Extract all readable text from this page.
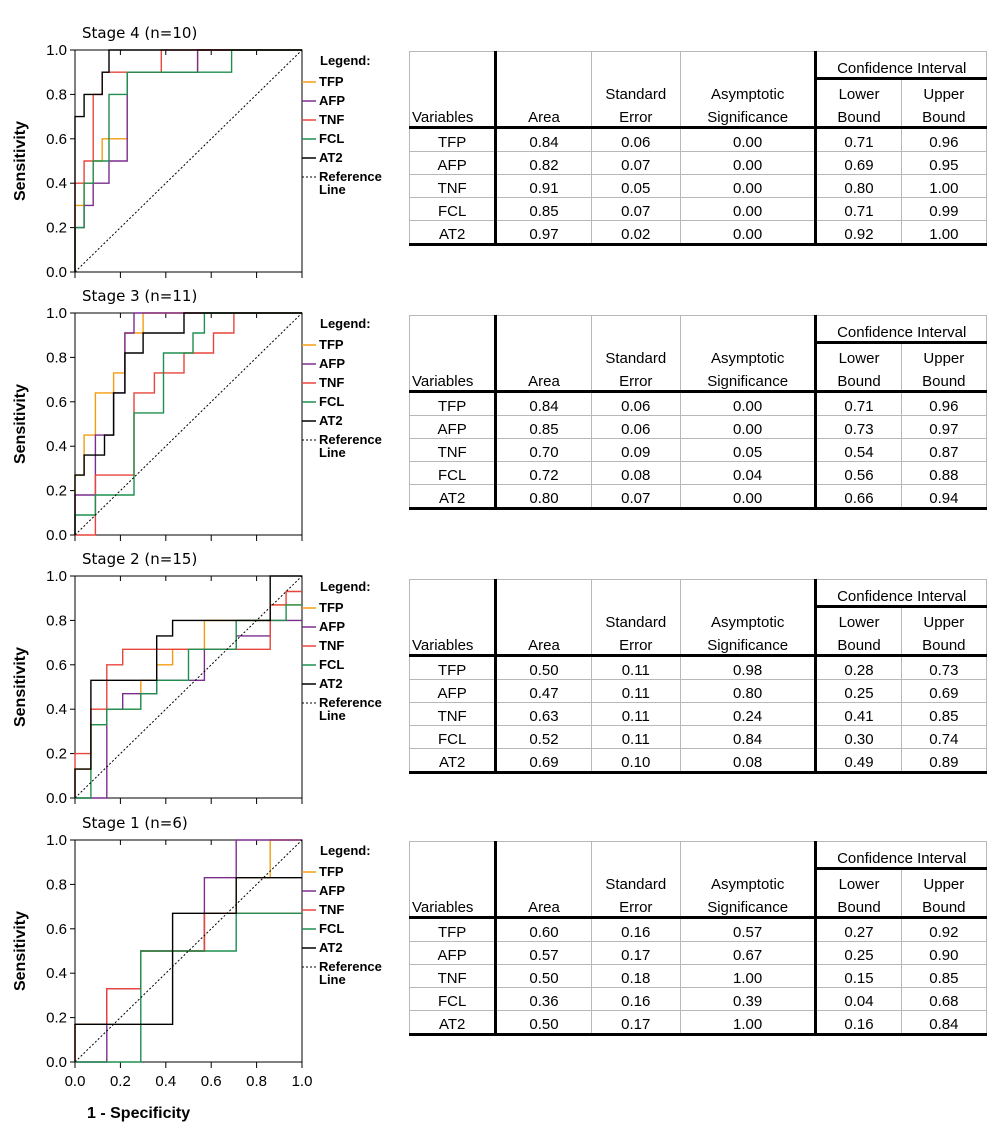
Stage 4 (n=10)
0.0
0.2
0.4
0.6
0.8
1.0
Sensitivity
Legend:
TFP
AFP
TNF
FCL
AT2
Reference
Line
Stage 3 (n=11)
0.0
0.2
0.4
0.6
0.8
1.0
Sensitivity
Legend:
TFP
AFP
TNF
FCL
AT2
Reference
Line
Stage 2 (n=15)
0.0
0.2
0.4
0.6
0.8
1.0
Sensitivity
Legend:
TFP
AFP
TNF
FCL
AT2
Reference
Line
Stage 1 (n=6)
0.0
0.2
0.4
0.6
0.8
1.0
0.0 0.2 0.4 0.6 0.8 1.0
1 - Specificity
Sensitivity
Legend:
TFP
AFP
TNF
FCL
AT2
Reference
Line
				Confidence Interval	
		Standard	Asymptotic	Lower	Upper
Variables	Area	Error	Significance	Bound	Bound
TFP	0.84	0.06	0.00	0.71	0.96
AFP	0.82	0.07	0.00	0.69	0.95
TNF	0.91	0.05	0.00	0.80	1.00
FCL	0.85	0.07	0.00	0.71	0.99
AT2	0.97	0.02	0.00	0.92	1.00
				Confidence Interval	
		Standard	Asymptotic	Lower	Upper
Variables	Area	Error	Significance	Bound	Bound
TFP	0.84	0.06	0.00	0.71	0.96
AFP	0.85	0.06	0.00	0.73	0.97
TNF	0.70	0.09	0.05	0.54	0.87
FCL	0.72	0.08	0.04	0.56	0.88
AT2	0.80	0.07	0.00	0.66	0.94
				Confidence Interval	
		Standard	Asymptotic	Lower	Upper
Variables	Area	Error	Significance	Bound	Bound
TFP	0.50	0.11	0.98	0.28	0.73
AFP	0.47	0.11	0.80	0.25	0.69
TNF	0.63	0.11	0.24	0.41	0.85
FCL	0.52	0.11	0.84	0.30	0.74
AT2	0.69	0.10	0.08	0.49	0.89
				Confidence Interval	
		Standard	Asymptotic	Lower	Upper
Variables	Area	Error	Significance	Bound	Bound
TFP	0.60	0.16	0.57	0.27	0.92
AFP	0.57	0.17	0.67	0.25	0.90
TNF	0.50	0.18	1.00	0.15	0.85
FCL	0.36	0.16	0.39	0.04	0.68
AT2	0.50	0.17	1.00	0.16	0.84
